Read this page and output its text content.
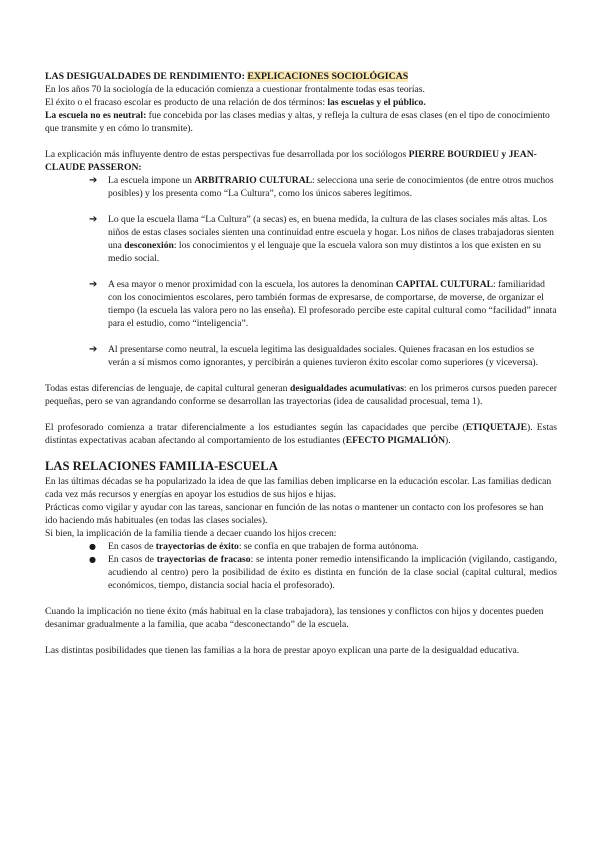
LAS DESIGUALDADES DE RENDIMIENTO: EXPLICACIONES SOCIOLÓGICAS

En los años 70 la sociología de la educación comienza a cuestionar frontalmente todas esas teorías.

El éxito o el fracaso escolar es producto de una relación de dos términos: las escuelas y el público.

La escuela no es neutral: fue concebida por las clases medias y altas, y refleja la cultura de esas clases (en el tipo de conocimiento que transmite y en cómo lo transmite).

La explicación más influyente dentro de estas perspectivas fue desarrollada por los sociólogos PIERRE BOURDIEU y JEAN-CLAUDE PASSERON:

➔ La escuela impone un ARBITRARIO CULTURAL: selecciona una serie de conocimientos (de entre otros muchos posibles) y los presenta como “La Cultura”, como los únicos saberes legítimos.
➔ Lo que la escuela llama “La Cultura” (a secas) es, en buena medida, la cultura de las clases sociales más altas. Los niños de estas clases sociales sienten una continuidad entre escuela y hogar. Los niños de clases trabajadoras sienten una desconexión: los conocimientos y el lenguaje que la escuela valora son muy distintos a los que existen en su medio social.
➔ A esa mayor o menor proximidad con la escuela, los autores la denominan CAPITAL CULTURAL: familiaridad con los conocimientos escolares, pero también formas de expresarse, de comportarse, de moverse, de organizar el tiempo (la escuela las valora pero no las enseña). El profesorado percibe este capital cultural como “facilidad” innata para el estudio, como “inteligencia”.
➔ Al presentarse como neutral, la escuela legitima las desigualdades sociales. Quienes fracasan en los estudios se verán a sí mismos como ignorantes, y percibirán a quienes tuvieron éxito escolar como superiores (y viceversa).

Todas estas diferencias de lenguaje, de capital cultural generan desigualdades acumulativas: en los primeros cursos pueden parecer pequeñas, pero se van agrandando conforme se desarrollan las trayectorias (idea de causalidad procesual, tema 1).

El profesorado comienza a tratar diferencialmente a los estudiantes según las capacidades que percibe (ETIQUETAJE). Estas distintas expectativas acaban afectando al comportamiento de los estudiantes (EFECTO PIGMALIÓN).

LAS RELACIONES FAMILIA-ESCUELA

En las últimas décadas se ha popularizado la idea de que las familias deben implicarse en la educación escolar. Las familias dedican cada vez más recursos y energías en apoyar los estudios de sus hijos e hijas.

Prácticas como vigilar y ayudar con las tareas, sancionar en función de las notas o mantener un contacto con los profesores se han ido haciendo más habituales (en todas las clases sociales).

Si bien, la implicación de la familia tiende a decaer cuando los hijos crecen:

● En casos de trayectorias de éxito: se confía en que trabajen de forma autónoma.
● En casos de trayectorias de fracaso: se intenta poner remedio intensificando la implicación (vigilando, castigando, acudiendo al centro) pero la posibilidad de éxito es distinta en función de la clase social (capital cultural, medios económicos, tiempo, distancia social hacia el profesorado).

Cuando la implicación no tiene éxito (más habitual en la clase trabajadora), las tensiones y conflictos con hijos y docentes pueden desanimar gradualmente a la familia, que acaba “desconectando” de la escuela.

Las distintas posibilidades que tienen las familias a la hora de prestar apoyo explican una parte de la desigualdad educativa.
